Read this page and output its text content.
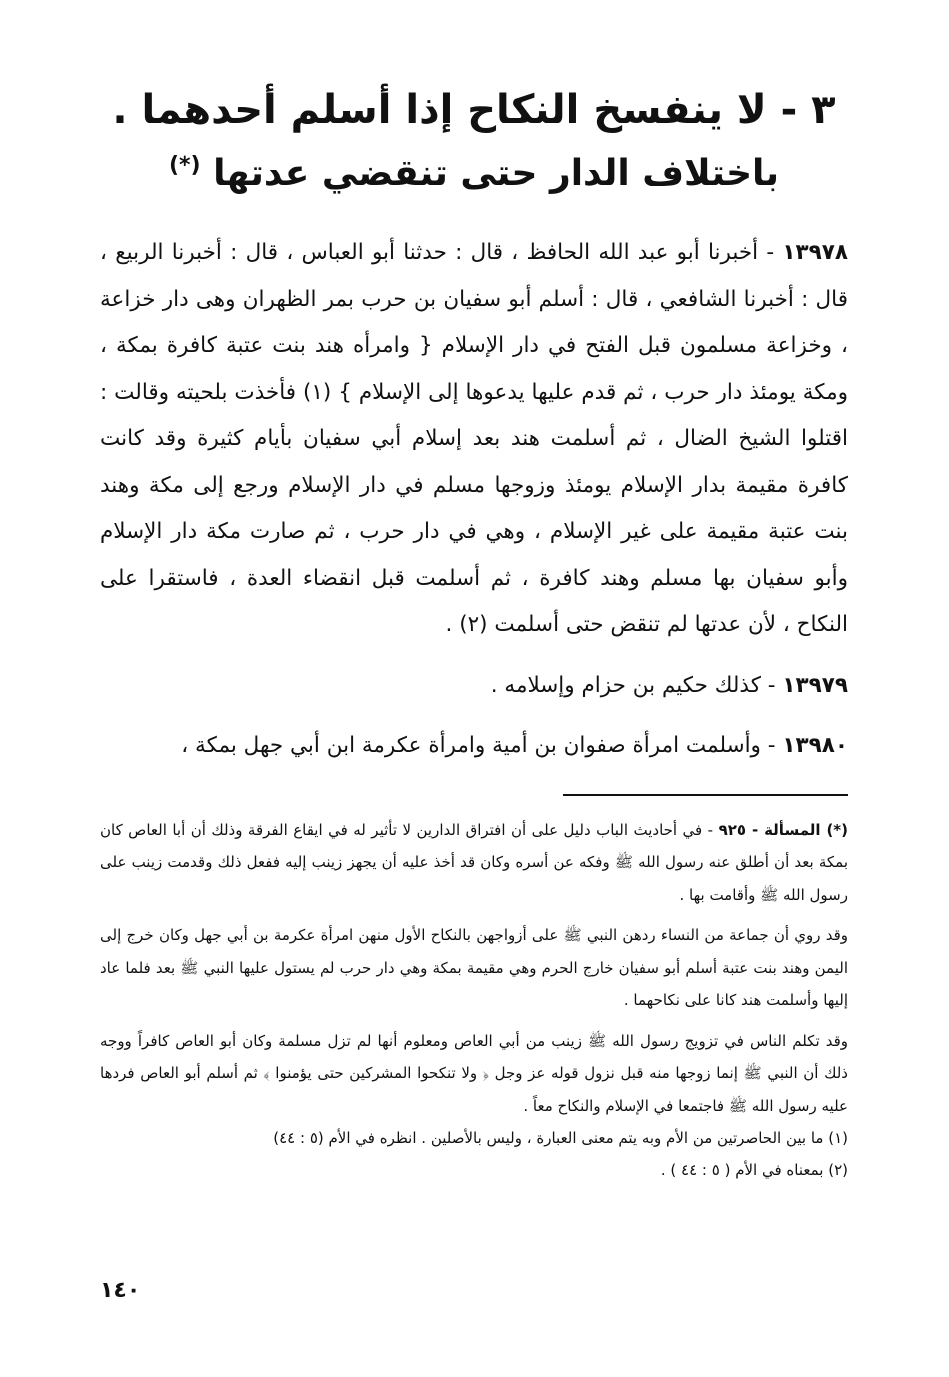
٣ - لا ينفسخ النكاح إذا أسلم أحدهما .
باختلاف الدار حتى تنقضي عدتها (*)

١٣٩٧٨ - أخبرنا أبو عبد الله الحافظ ، قال : حدثنا أبو العباس ، قال : أخبرنا الربيع ، قال : أخبرنا الشافعي ، قال : أسلم أبو سفيان بن حرب بمر الظهران وهى دار خزاعة ، وخزاعة مسلمون قبل الفتح في دار الإسلام { وامرأه هند بنت عتبة كافرة بمكة ، ومكة يومئذ دار حرب ، ثم قدم عليها يدعوها إلى الإسلام } (١) فأخذت بلحيته وقالت : اقتلوا الشيخ الضال ، ثم أسلمت هند بعد إسلام أبي سفيان بأيام كثيرة وقد كانت كافرة مقيمة بدار الإسلام يومئذ وزوجها مسلم في دار الإسلام ورجع إلى مكة وهند بنت عتبة مقيمة على غير الإسلام ، وهي في دار حرب ، ثم صارت مكة دار الإسلام وأبو سفيان بها مسلم وهند كافرة ، ثم أسلمت قبل انقضاء العدة ، فاستقرا على النكاح ، لأن عدتها لم تنقض حتى أسلمت (٢) .

١٣٩٧٩ - كذلك حكيم بن حزام وإسلامه .

١٣٩٨٠ - وأسلمت امرأة صفوان بن أمية وامرأة عكرمة ابن أبي جهل بمكة ،

(*) المسألة - ٩٢٥ - في أحاديث الباب دليل على أن افتراق الدارين لا تأثير له في ايقاع الفرقة وذلك أن أبا العاص كان بمكة بعد أن أطلق عنه رسول الله ﷺ وفكه عن أسره وكان قد أخذ عليه أن يجهز زينب إليه ففعل ذلك وقدمت زينب على رسول الله ﷺ وأقامت بها .

وقد روي أن جماعة من النساء ردهن النبي ﷺ على أزواجهن بالنكاح الأول منهن امرأة عكرمة بن أبي جهل وكان خرج إلى اليمن وهند بنت عتبة أسلم أبو سفيان خارج الحرم وهي مقيمة بمكة وهي دار حرب لم يستول عليها النبي ﷺ بعد فلما عاد إليها وأسلمت هند كانا على نكاحهما .

وقد تكلم الناس في تزويج رسول الله ﷺ زينب من أبي العاص ومعلوم أنها لم تزل مسلمة وكان أبو العاص كافراً ووجه ذلك أن النبي ﷺ إنما زوجها منه قبل نزول قوله عز وجل ﴿ ولا تنكحوا المشركين حتى يؤمنوا ﴾ ثم أسلم أبو العاص فردها عليه رسول الله ﷺ فاجتمعا في الإسلام والنكاح معاً .

(١) ما بين الحاصرتين من الأم وبه يتم معنى العبارة ، وليس بالأصلين . انظره في الأم (٥ : ٤٤)

(٢) بمعناه في الأم ( ٥ : ٤٤ ) .

١٤٠
